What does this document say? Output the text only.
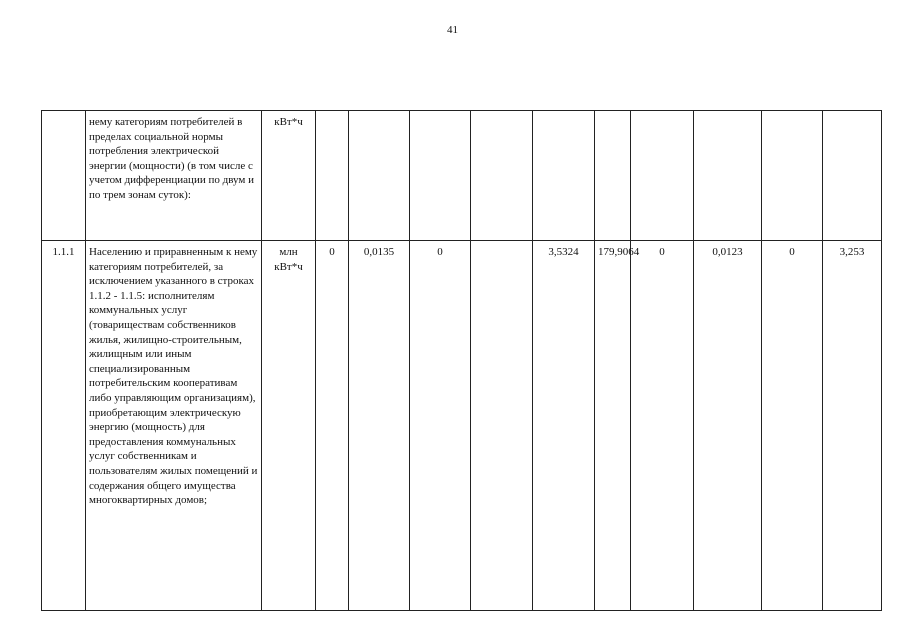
41

	нему категориям потребителей в пределах социальной нормы потребления электрической энергии (мощности) (в том числе с учетом дифференциации по двум и по трем зонам суток):	кВт*ч											

1.1.1	Населению и приравненным к нему категориям потребителей, за исключением указанного в строках 1.1.2 - 1.1.5: исполнителям коммунальных услуг (товариществам собственников жилья, жилищно-строительным, жилищным или иным специализированным потребительским кооперативам либо управляющим организациям), приобретающим электрическую энергию (мощность) для предоставления коммунальных услуг собственникам и пользователям жилых помещений и содержания общего имущества многоквартирных домов;	млн кВт*ч	0	0,0135	0		3,5324	179,9064	0	0,0123	0	3,253	
